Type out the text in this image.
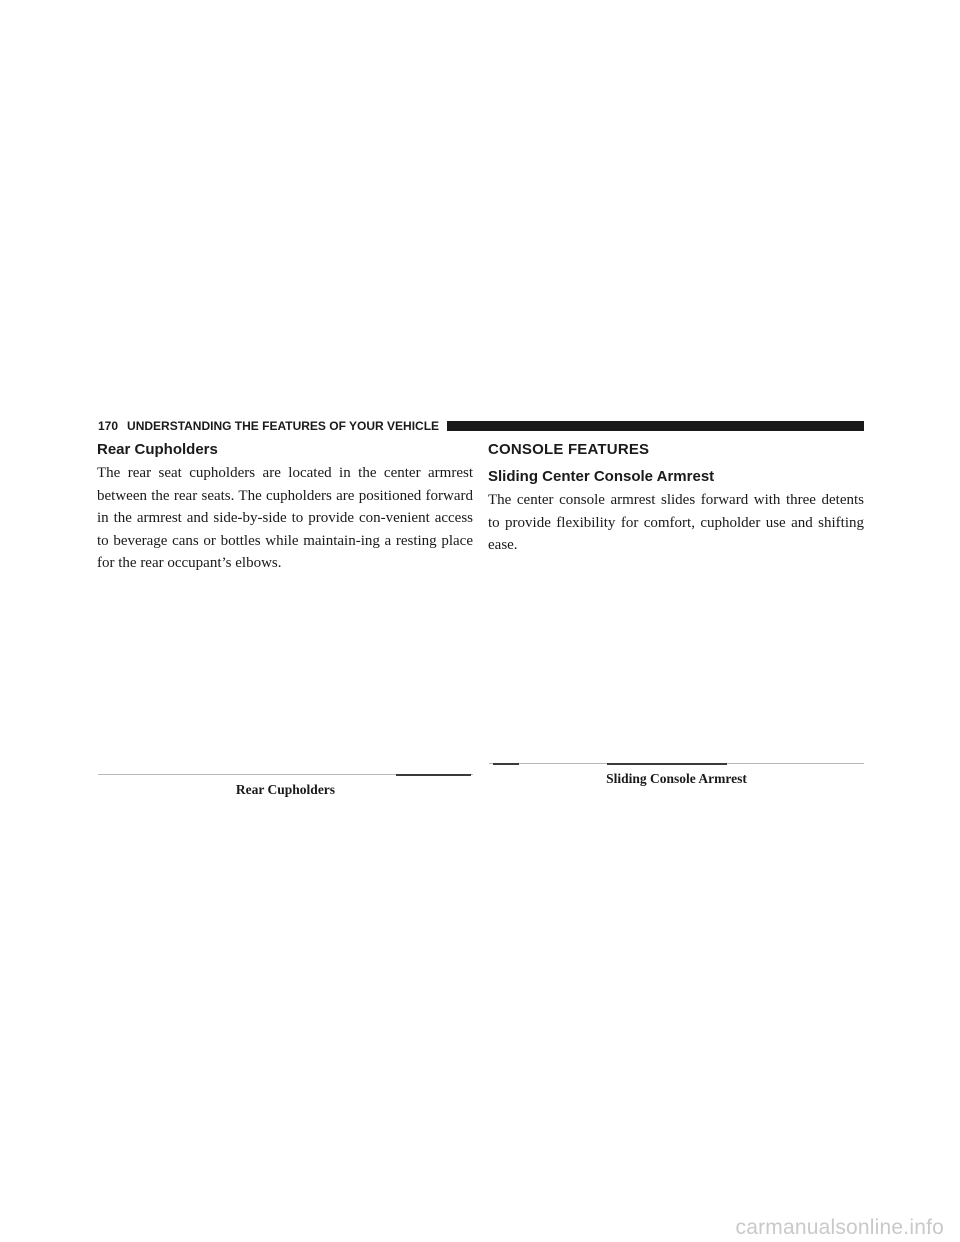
170 UNDERSTANDING THE FEATURES OF YOUR VEHICLE
Rear Cupholders

The rear seat cupholders are located in the center armrest between the rear seats. The cupholders are positioned forward in the armrest and side-by-side to provide con-venient access to beverage cans or bottles while maintain-ing a resting place for the rear occupant’s elbows.

CONSOLE FEATURES
Sliding Center Console Armrest

The center console armrest slides forward with three detents to provide flexibility for comfort, cupholder use and shifting ease.

Rear Cupholders
Sliding Console Armrest
carmanualsonline.info
